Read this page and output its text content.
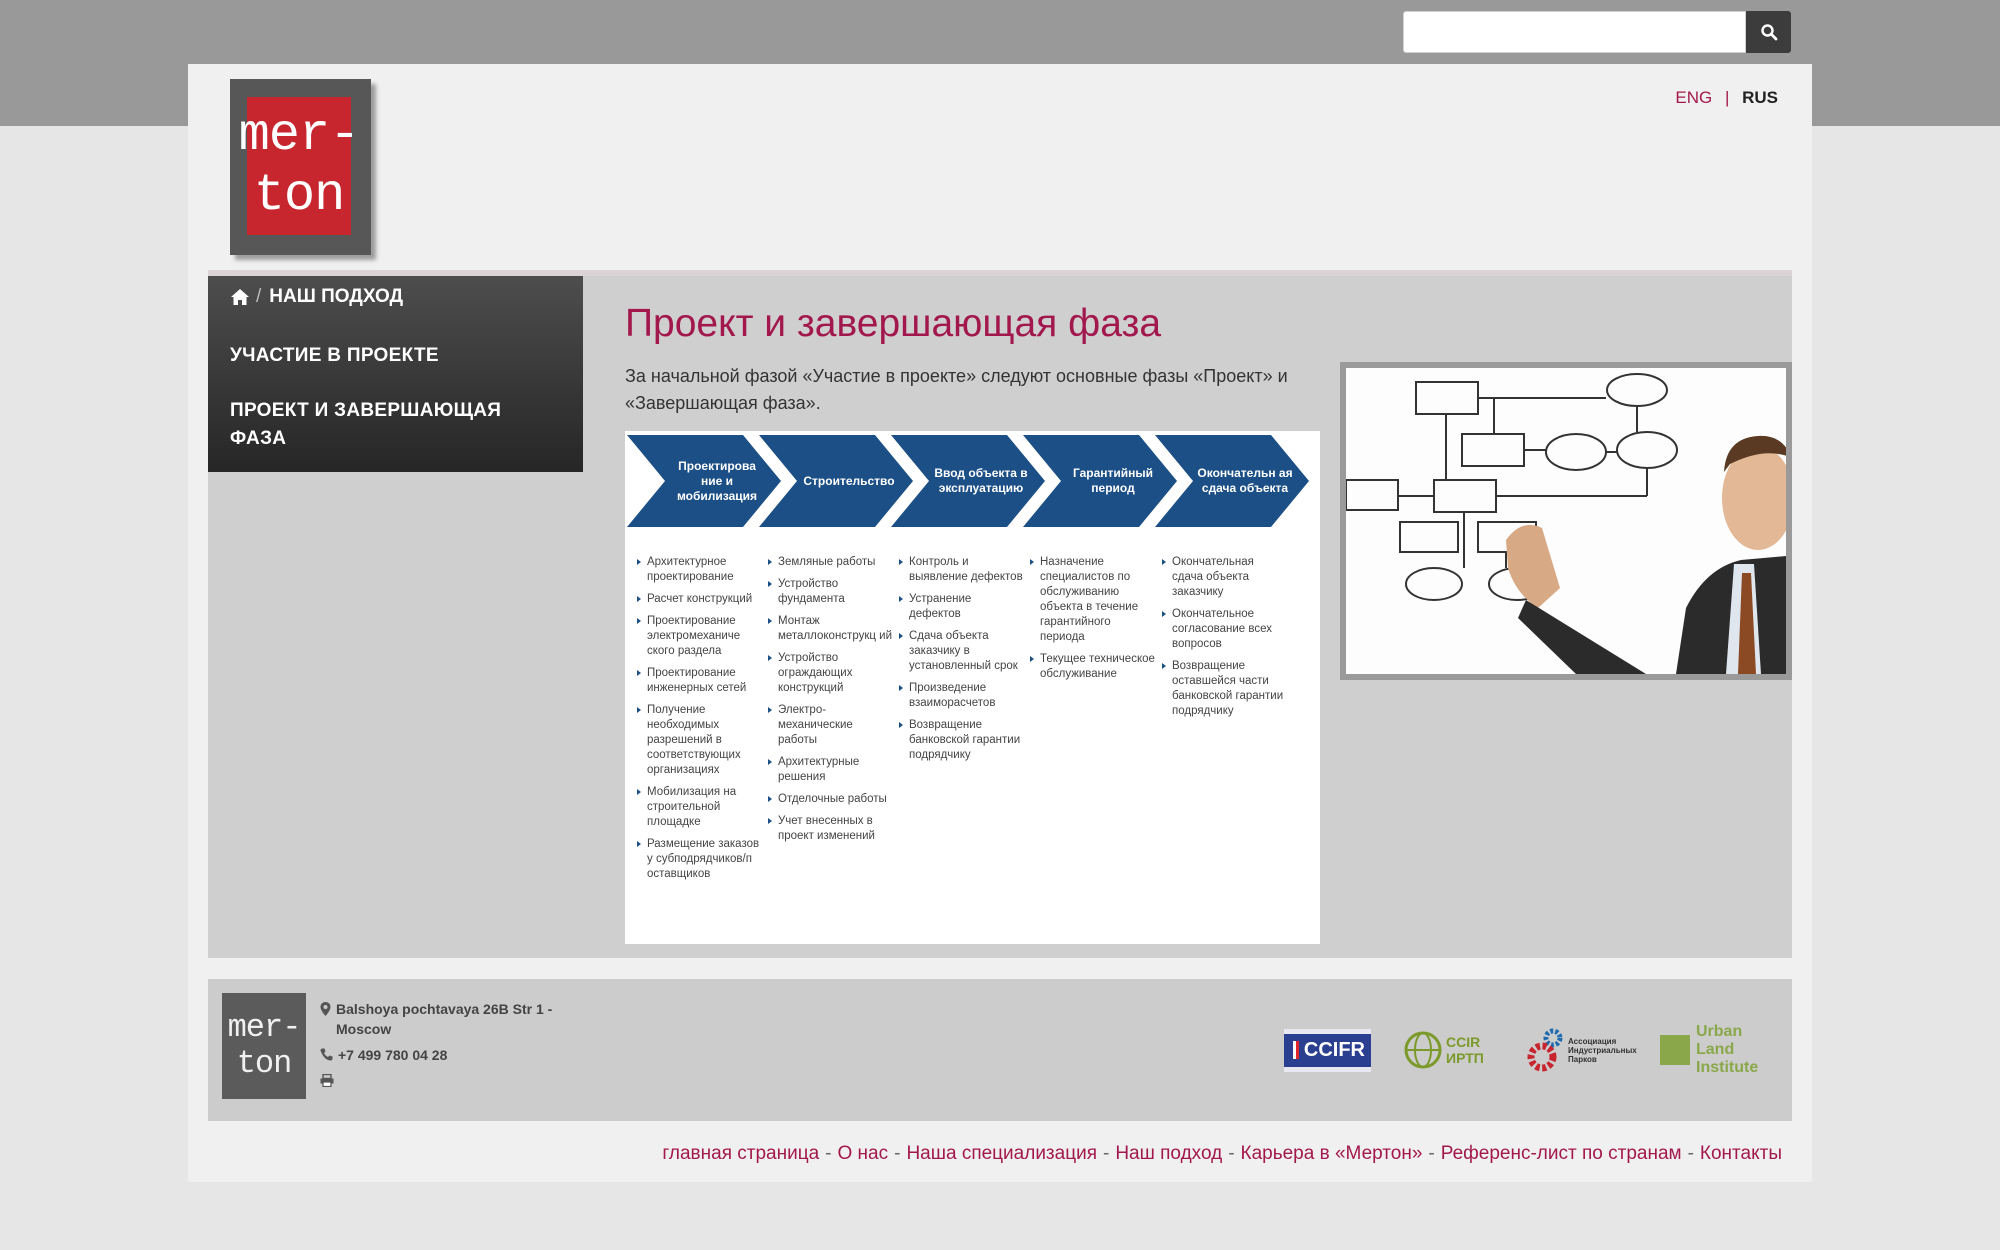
mer-
ton
ENG | RUS
/ НАШ ПОДХОД
УЧАСТИЕ В ПРОЕКТЕ
ПРОЕКТ И ЗАВЕРШАЮЩАЯ ФАЗА
Проект и завершающая фаза
За начальной фазой «Участие в проекте» следуют основные фазы «Проект» и «Завершающая фаза».
Проектирова ние и мобилизация
Строительство
Ввод объекта в эксплуатацию
Гарантийный период
Окончательн ая сдача объекта
Архитектурное проектирование
Расчет конструкций
Проектирование электромеханиче ского раздела
Проектирование инженерных сетей
Получение необходимых разрешений в соответствующих организациях
Мобилизация на строительной площадке
Размещение заказов у субподрядчиков/п оставщиков
Земляные работы
Устройство фундамента
Монтаж металлоконструкц ий
Устройство ограждающих конструкций
Электро- механические работы
Архитектурные решения
Отделочные работы
Учет внесенных в проект изменений
Контроль и выявление дефектов
Устранение дефектов
Сдача объекта заказчику в установленный срок
Произведение взаиморасчетов
Возвращение банковской гарантии подрядчику
Назначение специалистов по обслуживанию объекта в течение гарантийного периода
Текущее техническое обслуживание
Окончательная сдача объекта заказчику
Окончательное согласование всех вопросов
Возвращение оставшейся части банковской гарантии подрядчику
mer-
ton
Balshoya pochtavaya 26B Str 1 - Moscow
+7 499 780 04 28	CCIFR	CCIR ИРТП
Ассоциация Индустриальных Парков
Urban Land Institute
главная страница - О нас - Наша специализация - Наш подход - Карьера в «Мертон» - Референс-лист по странам - Контакты
